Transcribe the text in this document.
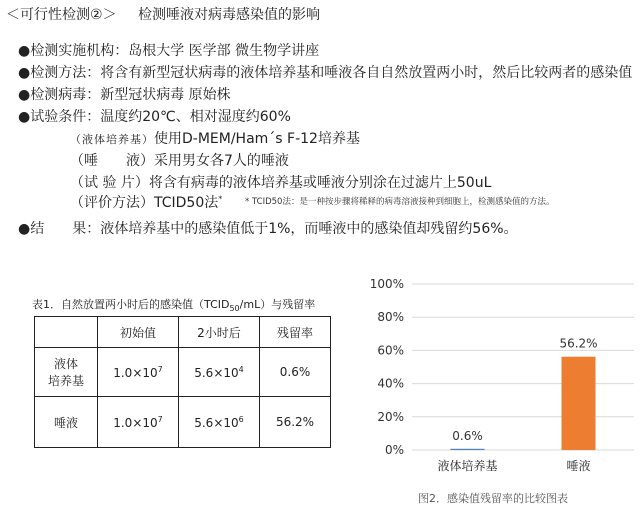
＜可行性检测②＞ 检测唾液对病毒感染值的影响
●检测实施机构：岛根大学 医学部 微生物学讲座
●检测方法：将含有新型冠状病毒的液体培养基和唾液各自自然放置两小时，然后比较两者的感染值
●检测病毒：新型冠状病毒 原始株
●试验条件：温度约20℃、相对湿度约60%
（液体培养基）使用D-MEM/Ham´s F-12培养基
（唾　　液）采用男女各7人的唾液
（试 验 片）将含有病毒的液体培养基或唾液分别涂在过滤片上50uL
（评价方法）TCID50法*	* TCID50法：是一种按步骤将稀释的病毒溶液接种到细胞上，检测感染值的方法。
●结　　果：液体培养基中的感染值低于1%，而唾液中的感染值却残留约56%。
表1．自然放置两小时后的感染值$(TCID_{50}/mL)$与残留率
	初始值	2小时后	残留率

液体
培养基	$1.0\times 10^7$	$5.6\times 10^4$	0.6%

唾液	$1.0\times 10^7$	$5.6\times 10^6$	56.2%
0%
20%
40%
60%
80%
100%
0.6%
液体培养基
56.2%
唾液
图2．感染值残留率的比较图表
